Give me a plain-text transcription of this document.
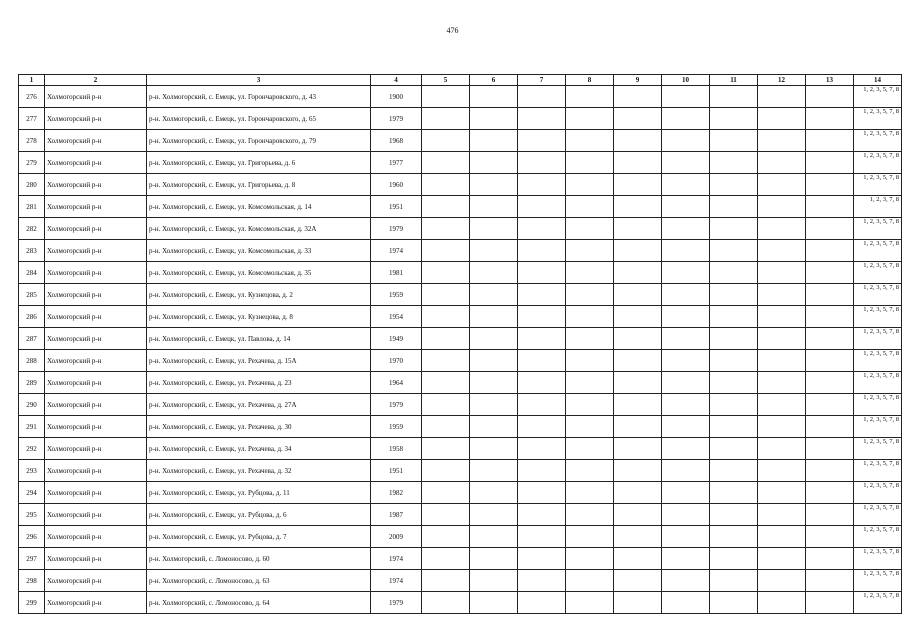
476
1	2	3	4	5	6	7	8	9	10	11	12	13	14
276	Холмогорский р-н	р-н. Холмогорский, с. Емецк, ул. Горончаровского, д. 43	1900										1, 2, 3, 5, 7, 8
277	Холмогорский р-н	р-н. Холмогорский, с. Емецк, ул. Горончаровского, д. 65	1979										1, 2, 3, 5, 7, 8
278	Холмогорский р-н	р-н. Холмогорский, с. Емецк, ул. Горончаровского, д. 79	1968										1, 2, 3, 5, 7, 8
279	Холмогорский р-н	р-н. Холмогорский, с. Емецк, ул. Григорьева, д. 6	1977										1, 2, 3, 5, 7, 8
280	Холмогорский р-н	р-н. Холмогорский, с. Емецк, ул. Григорьева, д. 8	1960										1, 2, 3, 5, 7, 8
281	Холмогорский р-н	р-н. Холмогорский, с. Емецк, ул. Комсомольская, д. 14	1951										1, 2, 3, 7, 8
282	Холмогорский р-н	р-н. Холмогорский, с. Емецк, ул. Комсомольская, д. 32А	1979										1, 2, 3, 5, 7, 8
283	Холмогорский р-н	р-н. Холмогорский, с. Емецк, ул. Комсомольская, д. 33	1974										1, 2, 3, 5, 7, 8
284	Холмогорский р-н	р-н. Холмогорский, с. Емецк, ул. Комсомольская, д. 35	1981										1, 2, 3, 5, 7, 8
285	Холмогорский р-н	р-н. Холмогорский, с. Емецк, ул. Кузнецова, д. 2	1959										1, 2, 3, 5, 7, 8
286	Холмогорский р-н	р-н. Холмогорский, с. Емецк, ул. Кузнецова, д. 8	1954										1, 2, 3, 5, 7, 8
287	Холмогорский р-н	р-н. Холмогорский, с. Емецк, ул. Павлова, д. 14	1949										1, 2, 3, 5, 7, 8
288	Холмогорский р-н	р-н. Холмогорский, с. Емецк, ул. Рехачева, д. 15А	1970										1, 2, 3, 5, 7, 8
289	Холмогорский р-н	р-н. Холмогорский, с. Емецк, ул. Рехачева, д. 23	1964										1, 2, 3, 5, 7, 8
290	Холмогорский р-н	р-н. Холмогорский, с. Емецк, ул. Рехачева, д. 27А	1979										1, 2, 3, 5, 7, 8
291	Холмогорский р-н	р-н. Холмогорский, с. Емецк, ул. Рехачева, д. 30	1959										1, 2, 3, 5, 7, 8
292	Холмогорский р-н	р-н. Холмогорский, с. Емецк, ул. Рехачева, д. 34	1958										1, 2, 3, 5, 7, 8
293	Холмогорский р-н	р-н. Холмогорский, с. Емецк, ул. Рехачева, д. 32	1951										1, 2, 3, 5, 7, 8
294	Холмогорский р-н	р-н. Холмогорский, с. Емецк, ул. Рубцова, д. 11	1982										1, 2, 3, 5, 7, 8
295	Холмогорский р-н	р-н. Холмогорский, с. Емецк, ул. Рубцова, д. 6	1987										1, 2, 3, 5, 7, 8
296	Холмогорский р-н	р-н. Холмогорский, с. Емецк, ул. Рубцова, д. 7	2009										1, 2, 3, 5, 7, 8
297	Холмогорский р-н	р-н. Холмогорский, с. Ломоносово, д. 60	1974										1, 2, 3, 5, 7, 8
298	Холмогорский р-н	р-н. Холмогорский, с. Ломоносово, д. 63	1974										1, 2, 3, 5, 7, 8
299	Холмогорский р-н	р-н. Холмогорский, с. Ломоносово, д. 64	1979										1, 2, 3, 5, 7, 8
